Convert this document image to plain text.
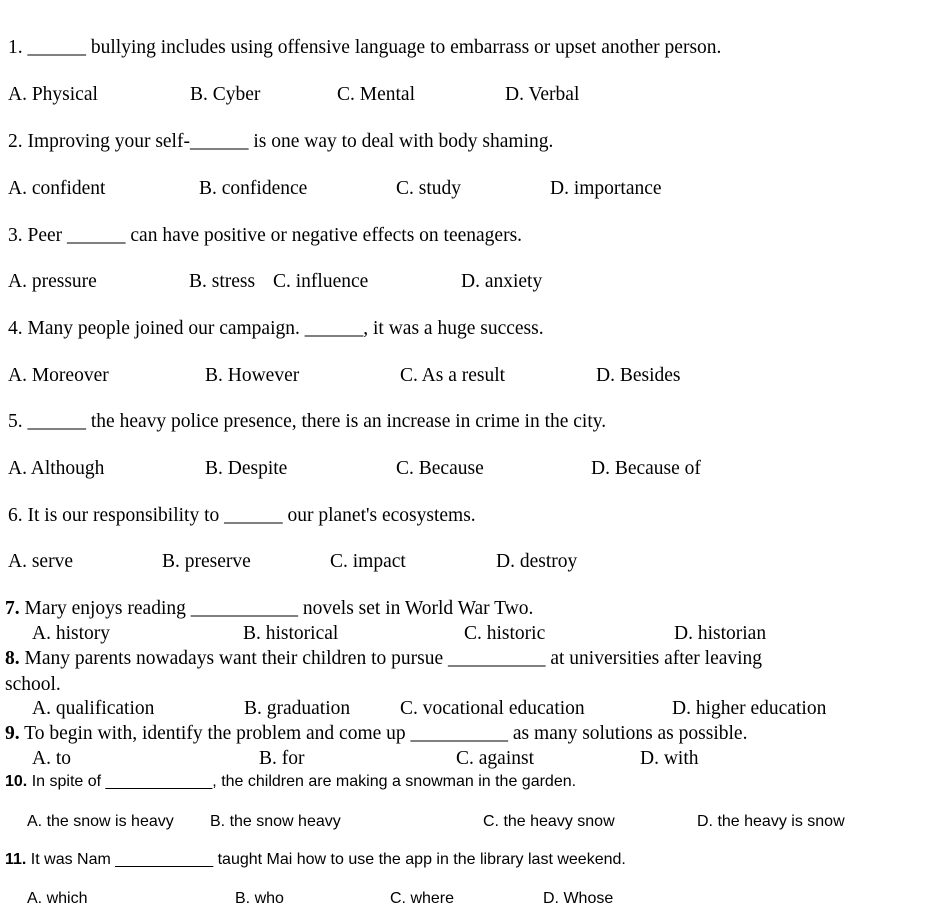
1. ______ bullying includes using offensive language to embarrass or upset another person.
A. Physical	B. Cyber	C. Mental	D. Verbal
2. Improving your self-______ is one way to deal with body shaming.
A. confident	B. confidence	C. study	D. importance
3. Peer ______ can have positive or negative effects on teenagers.
A. pressure	B. stress C. influence	D. anxiety
4. Many people joined our campaign. ______, it was a huge success.
A. Moreover	B. However	C. As a result	D. Besides
5. ______ the heavy police presence, there is an increase in crime in the city.
A. Although	B. Despite	C. Because	D. Because of
6. It is our responsibility to ______ our planet's ecosystems.
A. serve	B. preserve	C. impact	D. destroy
7. Mary enjoys reading ___________ novels set in World War Two.
A. history	B. historical	C. historic	D. historian
8. Many parents nowadays want their children to pursue __________ at universities after leaving
school.
A. qualification	B. graduation	C. vocational education	D. higher education
9. To begin with, identify the problem and come up __________ as many solutions as possible.
A. to	B. for	C. against	D. with
10. In spite of ____________, the children are making a snowman in the garden.
A. the snow is heavy B. the snow heavy	C. the heavy snow	D. the heavy is snow
11. It was Nam ___________ taught Mai how to use the app in the library last weekend.
A. which	B. who	C. where	D. Whose
